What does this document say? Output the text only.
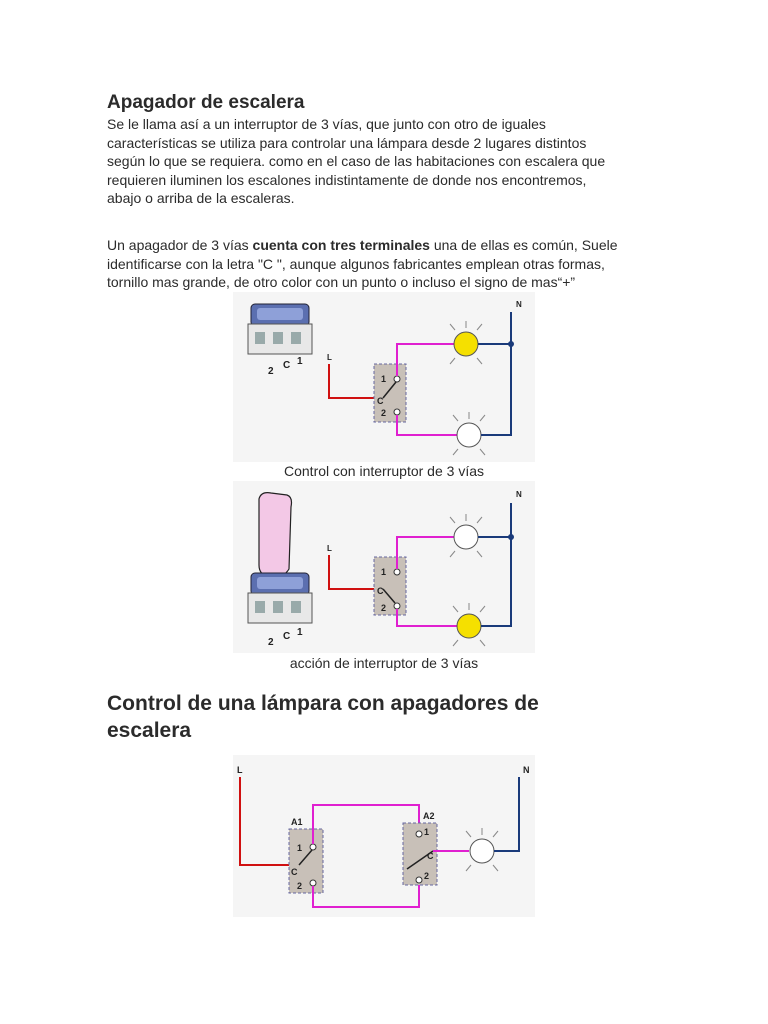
Apagador de escalera

Se le llama así a un interruptor de 3 vías, que junto con otro de iguales

características se utiliza para controlar una lámpara desde 2 lugares distintos

según lo que se requiera. como en el caso de las habitaciones con escalera que

requieren iluminen los escalones indistintamente de donde nos encontremos,

abajo o arriba de la escaleras.

Un apagador de 3 vías cuenta con tres terminales una de ellas es común, Suele

identificarse con la letra "C ", aunque algunos fabricantes emplean otras formas,

tornillo mas grande, de otro color con un punto o incluso el signo de mas“+”

2
C 1	L
N
1
C
2
Control con interruptor de 3 vías
2
C 1
L
N
1
C
2
acción de interruptor de 3 vías
Control de una lámpara con apagadores de escalera
L	N
A1
1
C
2
A2
1
C
2
